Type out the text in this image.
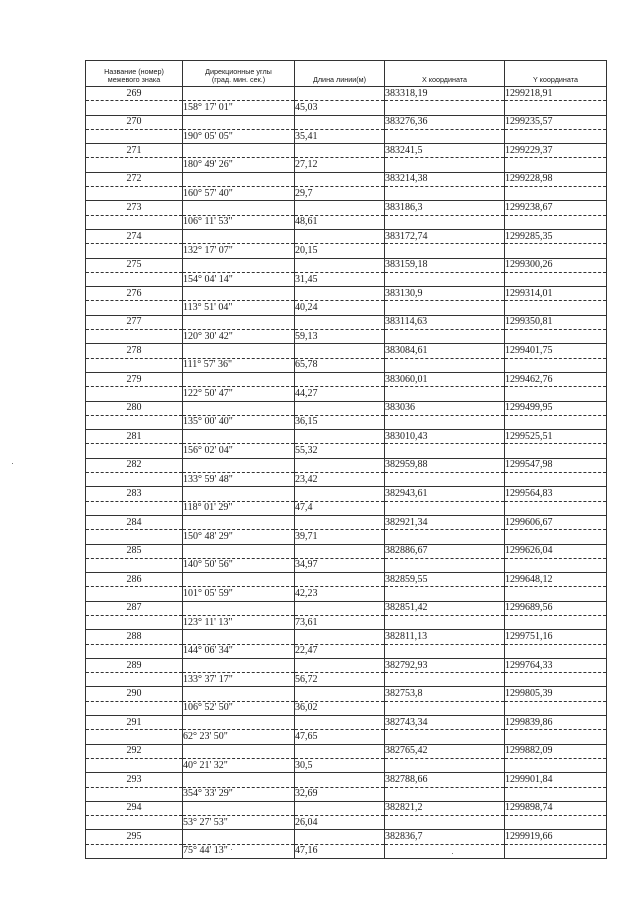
Название (номер)
межевого знака	Дирекционные углы
(град. мин. сек.)	Длина линии(м)	X координата	Y координата
269			383318,19	1299218,91
	158° 17' 01"	45,03		
270			383276,36	1299235,57
	190° 05' 05"	35,41		
271			383241,5	1299229,37
	180° 49' 26"	27,12		
272			383214,38	1299228,98
	160° 57' 40"	29,7		
273			383186,3	1299238,67
	106° 11' 53"	48,61		
274			383172,74	1299285,35
	132° 17' 07"	20,15		
275			383159,18	1299300,26
	154° 04' 14"	31,45		
276			383130,9	1299314,01
	113° 51' 04"	40,24		
277			383114,63	1299350,81
	120° 30' 42"	59,13		
278			383084,61	1299401,75
	111° 57' 36"	65,78		
279			383060,01	1299462,76
	122° 50' 47"	44,27		
280			383036	1299499,95
	135° 00' 40"	36,15		
281			383010,43	1299525,51
	156° 02' 04"	55,32		
282			382959,88	1299547,98
	133° 59' 48"	23,42		
283			382943,61	1299564,83
	118° 01' 29"	47,4		
284			382921,34	1299606,67
	150° 48' 29"	39,71		
285			382886,67	1299626,04
	140° 50' 56"	34,97		
286			382859,55	1299648,12
	101° 05' 59"	42,23		
287			382851,42	1299689,56
	123° 11' 13"	73,61		
288			382811,13	1299751,16
	144° 06' 34"	22,47		
289			382792,93	1299764,33
	133° 37' 17"	56,72		
290			382753,8	1299805,39
	106° 52' 50"	36,02		
291			382743,34	1299839,86
	62° 23' 50"	47,65		
292			382765,42	1299882,09
	40° 21' 32"	30,5		
293			382788,66	1299901,84
	354° 33' 29"	32,69		
294			382821,2	1299898,74
	53° 27' 53"	26,04		
295			382836,7	1299919,66
	75° 44' 13"	47,16		
